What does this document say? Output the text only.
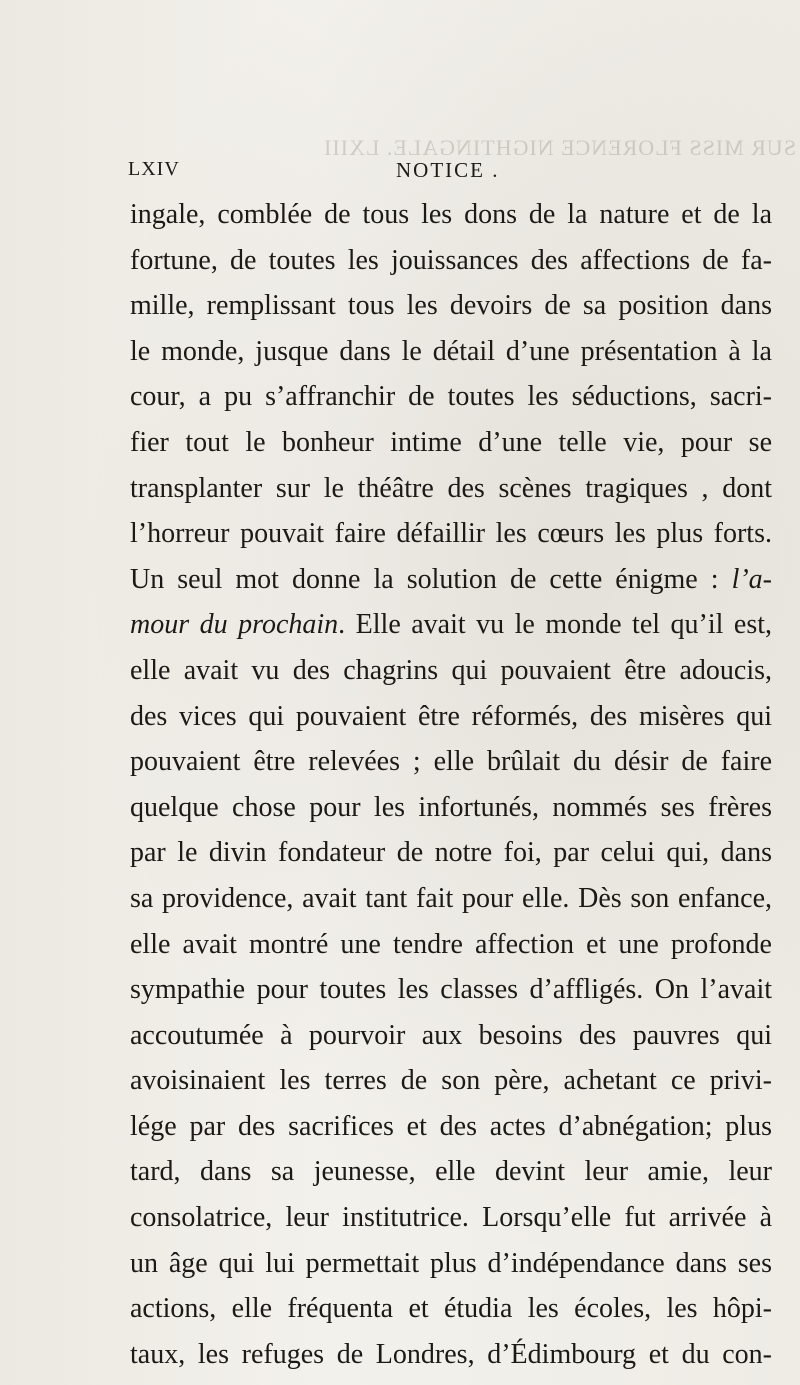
SUR MISS FLORENCE NIGHTINGALE. LXIII
LXIV	NOTICE .
ingale, comblée de tous les dons de la nature et de la
fortune, de toutes les jouissances des affections de fa-
mille, remplissant tous les devoirs de sa position dans
le monde, jusque dans le détail d’une présentation à la
cour, a pu s’affranchir de toutes les séductions, sacri-
fier tout le bonheur intime d’une telle vie, pour se
transplanter sur le théâtre des scènes tragiques , dont
l’horreur pouvait faire défaillir les cœurs les plus forts.
Un seul mot donne la solution de cette énigme : l’a-
mour du prochain. Elle avait vu le monde tel qu’il est,
elle avait vu des chagrins qui pouvaient être adoucis,
des vices qui pouvaient être réformés, des misères qui
pouvaient être relevées ; elle brûlait du désir de faire
quelque chose pour les infortunés, nommés ses frères
par le divin fondateur de notre foi, par celui qui, dans
sa providence, avait tant fait pour elle. Dès son enfance,
elle avait montré une tendre affection et une profonde
sympathie pour toutes les classes d’affligés. On l’avait
accoutumée à pourvoir aux besoins des pauvres qui
avoisinaient les terres de son père, achetant ce privi-
lége par des sacrifices et des actes d’abnégation; plus
tard, dans sa jeunesse, elle devint leur amie, leur
consolatrice, leur institutrice. Lorsqu’elle fut arrivée à
un âge qui lui permettait plus d’indépendance dans ses
actions, elle fréquenta et étudia les écoles, les hôpi-
taux, les refuges de Londres, d’Édimbourg et du con-
